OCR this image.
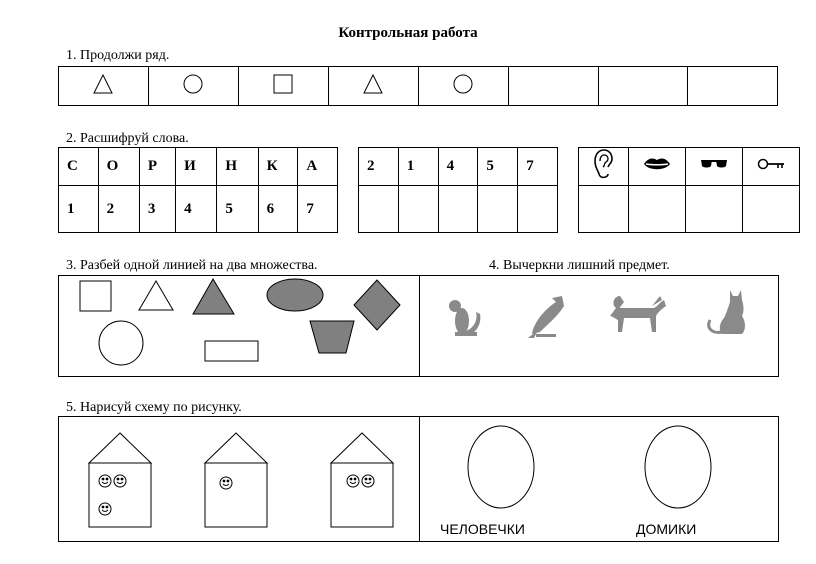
Контрольная работа
1. Продолжи ряд.

2. Расшифруй слова.
С	О	Р	И	Н	К	А
1	2	3	4	5	6	7
2	1	4	5	7

3. Разбей одной линией на два множества.	4. Вычеркни лишний предмет.
5. Нарисуй схему по рисунку.
ЧЕЛОВЕЧКИ	ДОМИКИ
